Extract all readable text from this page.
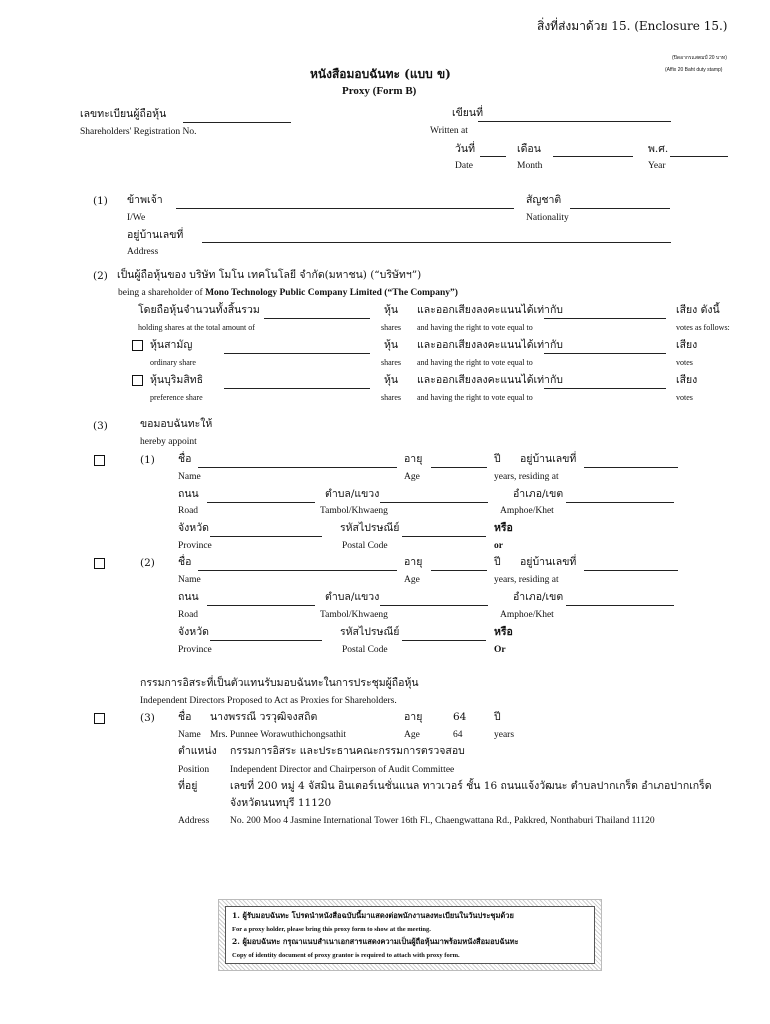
สิ่งที่ส่งมาด้วย 15. (Enclosure 15.)
(ปิดอากรแสตมป์ 20 บาท)
(Affix 20 Baht duty stamp)
หนังสือมอบฉันทะ (แบบ ข)
Proxy (Form B)
เลขทะเบียนผู้ถือหุ้น
Shareholders' Registration No.
เขียนที่
Written at
วันที่
Date
เดือน
Month
พ.ศ.
Year
(1) ข้าพเจ้า
I/We
สัญชาติ
Nationality
อยู่บ้านเลขที่
Address
(2) เป็นผู้ถือหุ้นของ บริษัท โมโน เทคโนโลยี จำกัด(มหาชน) (“บริษัทฯ”)
being a shareholder of Mono Technology Public Company Limited (“The Company”)
โดยถือหุ้นจำนวนทั้งสิ้นรวม
holding shares at the total amount of
หุ้น
shares
และออกเสียงลงคะแนนได้เท่ากับ
and having the right to vote equal to
เสียง ดังนี้
votes as follows:
หุ้นสามัญ
ordinary share
หุ้น
shares
และออกเสียงลงคะแนนได้เท่ากับ
and having the right to vote equal to
เสียง
votes
หุ้นบุริมสิทธิ
preference share
หุ้น
shares
และออกเสียงลงคะแนนได้เท่ากับ
and having the right to vote equal to
เสียง
votes
(3)	ขอมอบฉันทะให้
hereby appoint
(1) ชื่อ
Name
อายุ
Age
ปี อยู่บ้านเลขที่
years, residing at
ถนน
Road
ตำบล/แขวง
Tambol/Khwaeng
อำเภอ/เขต
Amphoe/Khet
จังหวัด
Province
รหัสไปรษณีย์
Postal Code
หรือ
or
(2) ชื่อ
Name
อายุ
Age
ปี อยู่บ้านเลขที่
years, residing at
ถนน
Road
ตำบล/แขวง
Tambol/Khwaeng
อำเภอ/เขต
Amphoe/Khet
จังหวัด
Province
รหัสไปรษณีย์
Postal Code
หรือ
Or
กรรมการอิสระที่เป็นตัวแทนรับมอบฉันทะในการประชุมผู้ถือหุ้น
Independent Directors Proposed to Act as Proxies for Shareholders.
(3) ชื่อ นางพรรณี วรวุฒิจงสถิต
Name Mrs. Punnee Worawuthichongsathit
อายุ	64
Age	64
ปี
years
ตำแหน่ง กรรมการอิสระ และประธานคณะกรรมการตรวจสอบ
Position Independent Director and Chairperson of Audit Committee
ที่อยู่	เลขที่ 200 หมู่ 4 จัสมิน อินเตอร์เนชั่นแนล ทาวเวอร์ ชั้น 16 ถนนแจ้งวัฒนะ ตำบลปากเกร็ด อำเภอปากเกร็ด
จังหวัดนนทบุรี 11120
Address No. 200 Moo 4 Jasmine International Tower 16th Fl., Chaengwattana Rd., Pakkred, Nonthaburi Thailand 11120
1. ผู้รับมอบฉันทะ โปรดนำหนังสือฉบับนี้มาแสดงต่อพนักงานลงทะเบียนในวันประชุมด้วย
For a proxy holder, please bring this proxy form to show at the meeting.
2. ผู้มอบฉันทะ กรุณาแนบสำเนาเอกสารแสดงความเป็นผู้ถือหุ้นมาพร้อมหนังสือมอบฉันทะ
Copy of identity document of proxy grantor is required to attach with proxy form.
